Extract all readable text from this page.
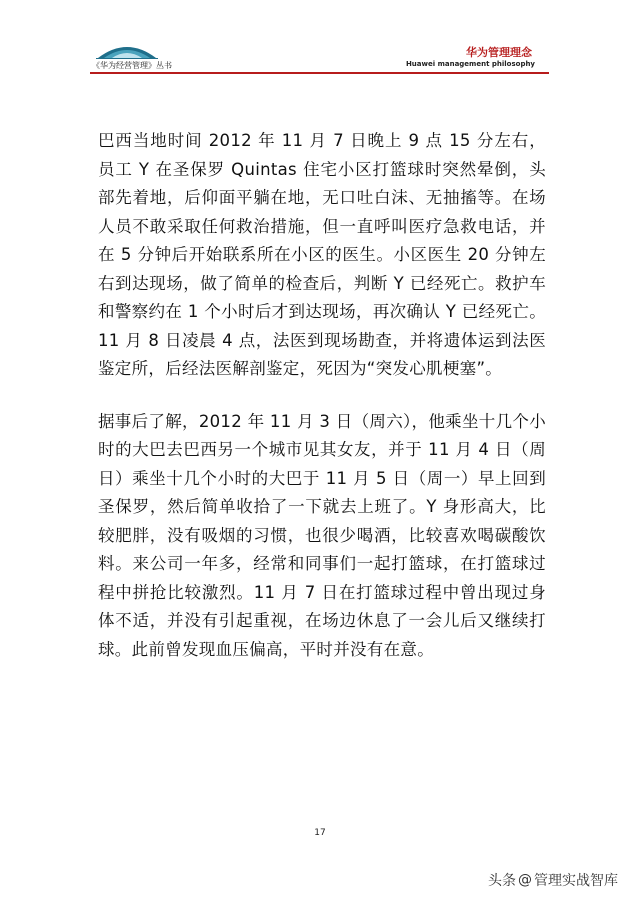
《华为经营管理》丛书
华为管理理念
Huawei management philosophy

巴西当地时间 2012 年 11 月 7 日晚上 9 点 15 分左右，员工 Y 在圣保罗 Quintas 住宅小区打篮球时突然晕倒，头部先着地，后仰面平躺在地，无口吐白沫、无抽搐等。在场人员不敢采取任何救治措施，但一直呼叫医疗急救电话，并在 5 分钟后开始联系所在小区的医生。小区医生 20 分钟左右到达现场，做了简单的检查后，判断 Y 已经死亡。救护车和警察约在 1 个小时后才到达现场，再次确认 Y 已经死亡。11 月 8 日凌晨 4 点，法医到现场勘查，并将遗体运到法医鉴定所，后经法医解剖鉴定，死因为“突发心肌梗塞”。

据事后了解，2012 年 11 月 3 日（周六），他乘坐十几个小时的大巴去巴西另一个城市见其女友，并于 11 月 4 日（周日）乘坐十几个小时的大巴于 11 月 5 日（周一）早上回到圣保罗，然后简单收拾了一下就去上班了。Y 身形高大，比较肥胖，没有吸烟的习惯，也很少喝酒，比较喜欢喝碳酸饮料。来公司一年多，经常和同事们一起打篮球，在打篮球过程中拼抢比较激烈。11 月 7 日在打篮球过程中曾出现过身体不适，并没有引起重视，在场边休息了一会儿后又继续打球。此前曾发现血压偏高，平时并没有在意。

17
头条 @ 管理实战智库
